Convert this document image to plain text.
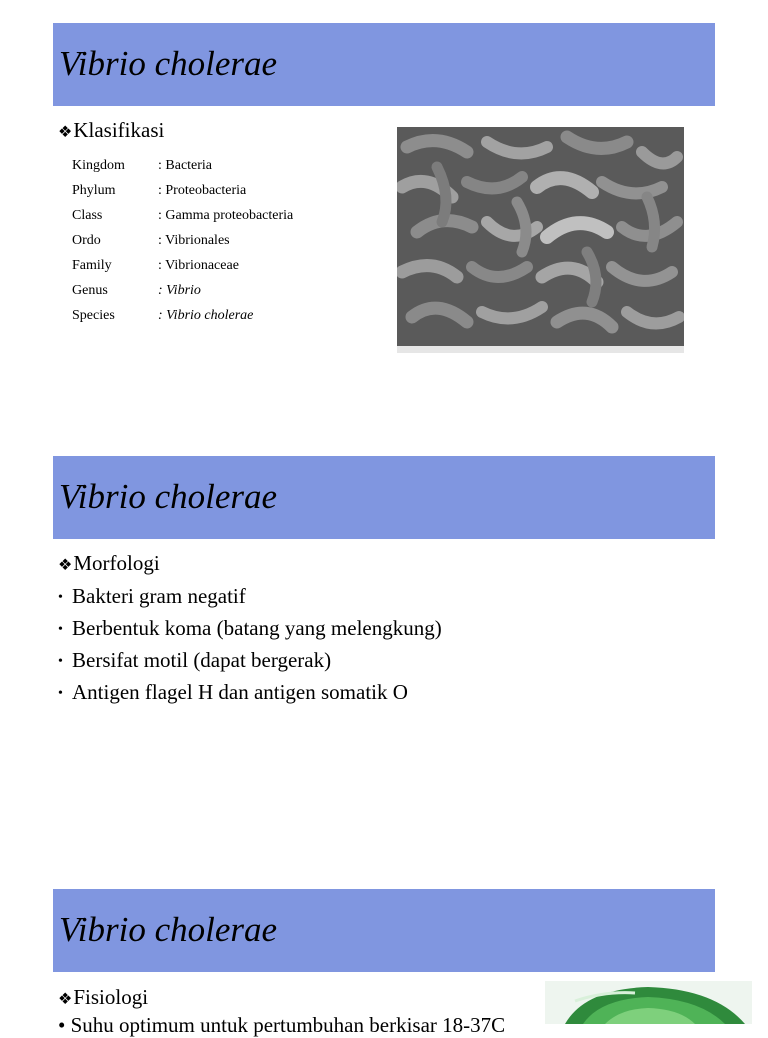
Vibrio cholerae
❖Klasifikasi
Kingdom : Bacteria
Phylum	: Proteobacteria
Class	: Gamma proteobacteria
Ordo	: Vibrionales
Family	: Vibrionaceae
Genus	: Vibrio
Species	: Vibrio cholerae
Vibrio cholerae
❖Morfologi
• Bakteri gram negatif
• Berbentuk koma (batang yang melengkung)
• Bersifat motil (dapat bergerak)
• Antigen flagel H dan antigen somatik O
Vibrio cholerae
❖Fisiologi
• Suhu optimum untuk pertumbuhan berkisar 18-37C
